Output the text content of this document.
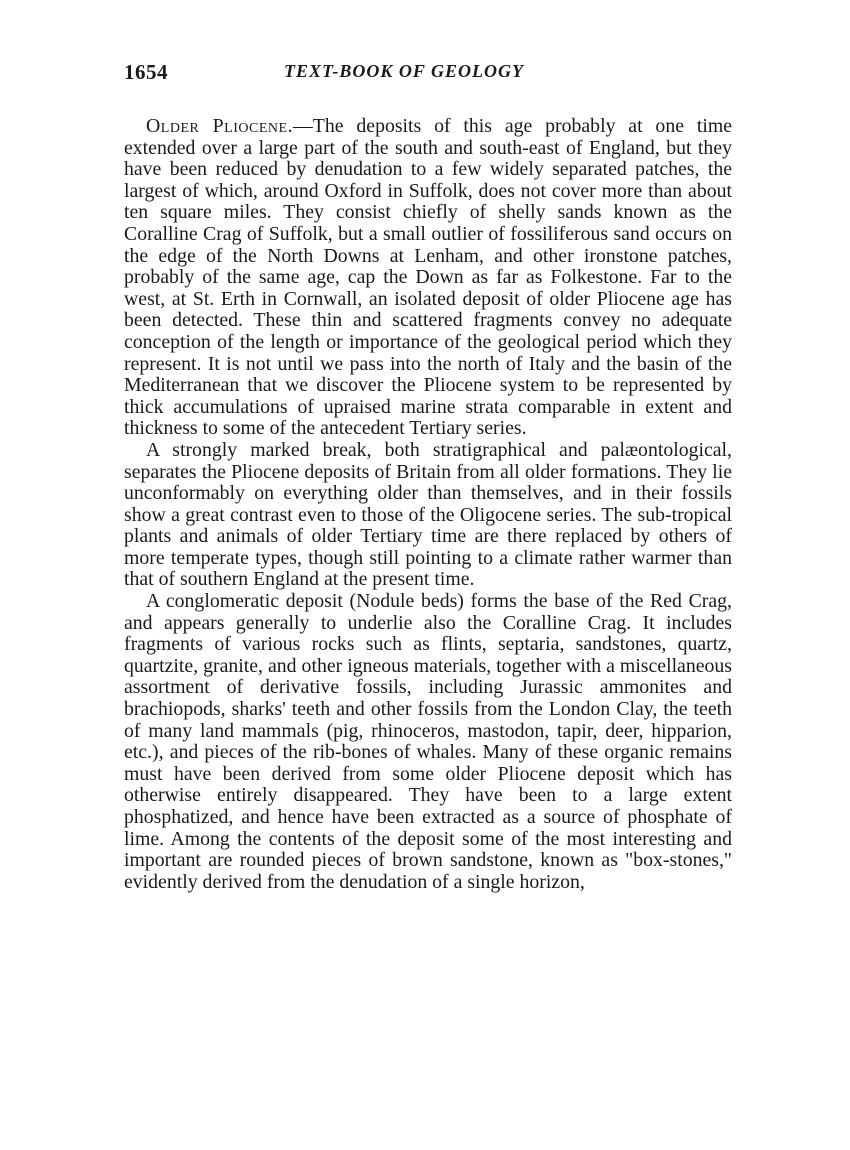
1654	TEXT-BOOK OF GEOLOGY

Older Pliocene.—The deposits of this age probably at one time extended over a large part of the south and south-east of England, but they have been reduced by denudation to a few widely separated patches, the largest of which, around Oxford in Suffolk, does not cover more than about ten square miles. They consist chiefly of shelly sands known as the Coralline Crag of Suffolk, but a small outlier of fossiliferous sand occurs on the edge of the North Downs at Lenham, and other ironstone patches, probably of the same age, cap the Down as far as Folkestone. Far to the west, at St. Erth in Cornwall, an isolated deposit of older Pliocene age has been detected. These thin and scattered fragments convey no adequate conception of the length or importance of the geological period which they represent. It is not until we pass into the north of Italy and the basin of the Mediterranean that we discover the Pliocene system to be represented by thick accumulations of upraised marine strata comparable in extent and thickness to some of the antecedent Tertiary series.

A strongly marked break, both stratigraphical and palæontological, separates the Pliocene deposits of Britain from all older formations. They lie unconformably on everything older than themselves, and in their fossils show a great contrast even to those of the Oligocene series. The sub-tropical plants and animals of older Tertiary time are there replaced by others of more temperate types, though still pointing to a climate rather warmer than that of southern England at the present time.

A conglomeratic deposit (Nodule beds) forms the base of the Red Crag, and appears generally to underlie also the Coralline Crag. It includes fragments of various rocks such as flints, septaria, sandstones, quartz, quartzite, granite, and other igneous materials, together with a miscellaneous assortment of derivative fossils, including Jurassic ammonites and brachiopods, sharks' teeth and other fossils from the London Clay, the teeth of many land mammals (pig, rhinoceros, mastodon, tapir, deer, hipparion, etc.), and pieces of the rib-bones of whales. Many of these organic remains must have been derived from some older Pliocene deposit which has otherwise entirely disappeared. They have been to a large extent phosphatized, and hence have been extracted as a source of phosphate of lime. Among the contents of the deposit some of the most interesting and important are rounded pieces of brown sandstone, known as "box-stones," evidently derived from the denudation of a single horizon,
